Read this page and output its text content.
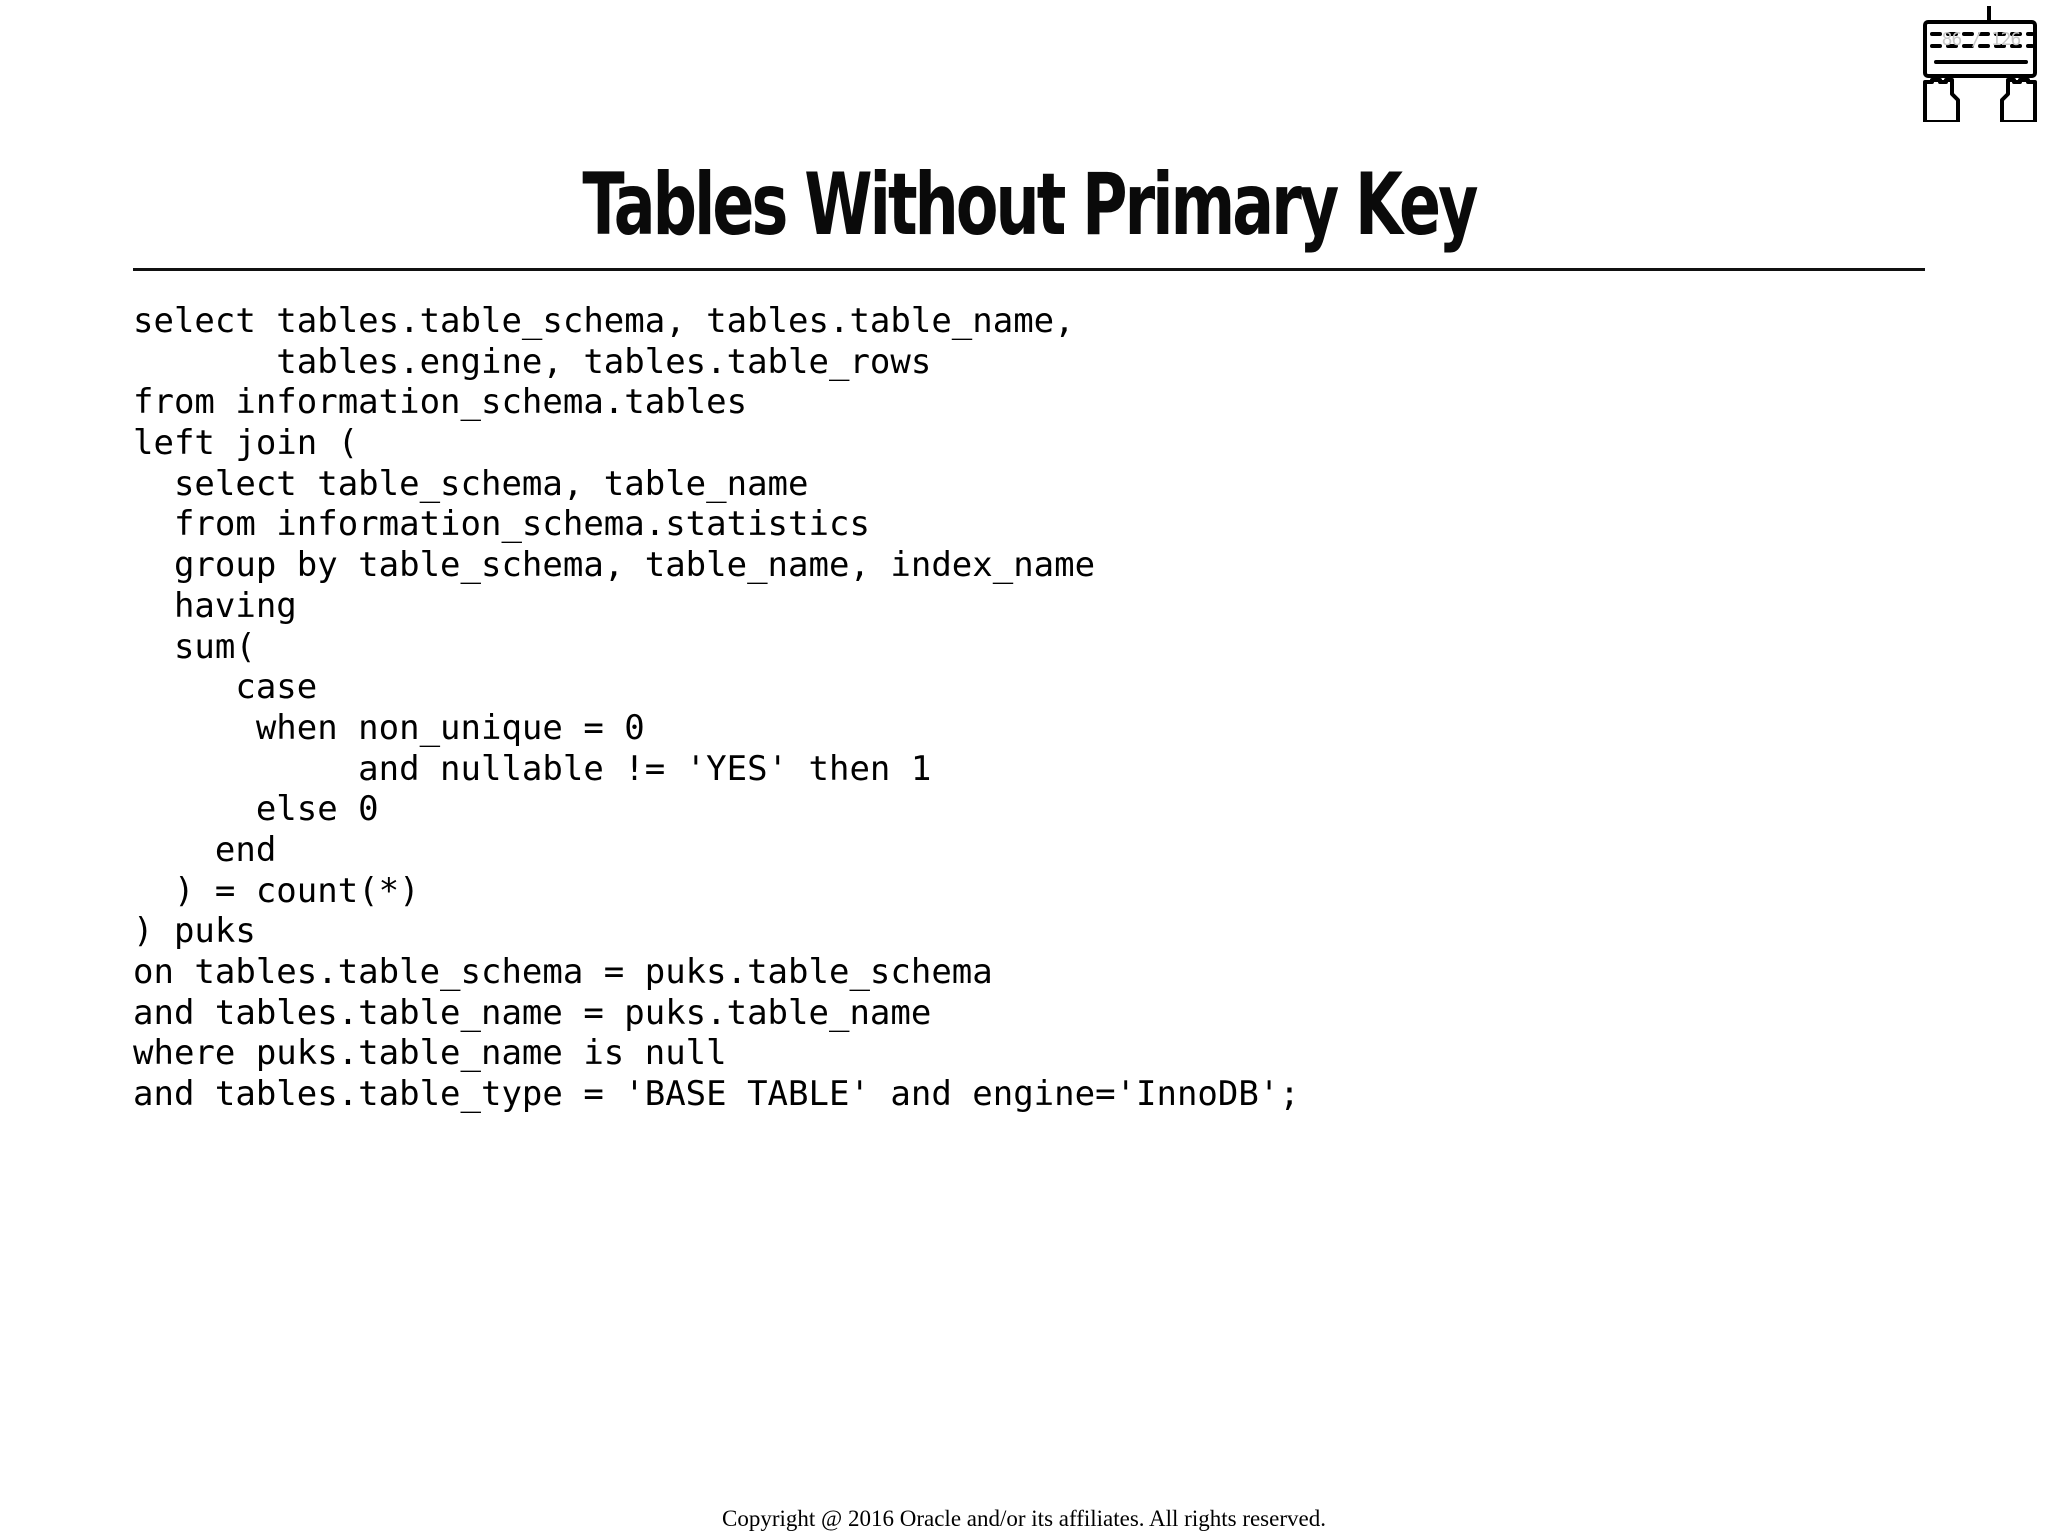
Tables Without Primary Key
select tables.table_schema, tables.table_name,
tables.engine, tables.table_rows
from information_schema.tables
left join (
select table_schema, table_name
from information_schema.statistics
group by table_schema, table_name, index_name
having
sum(
case
when non_unique = 0
and nullable != 'YES' then 1
else 0
end
) = count(*)
) puks
on tables.table_schema = puks.table_schema
and tables.table_name = puks.table_name
where puks.table_name is null
and tables.table_type = 'BASE TABLE' and engine='InnoDB';
Copyright @ 2016 Oracle and/or its affiliates. All rights reserved.
86 / 126
